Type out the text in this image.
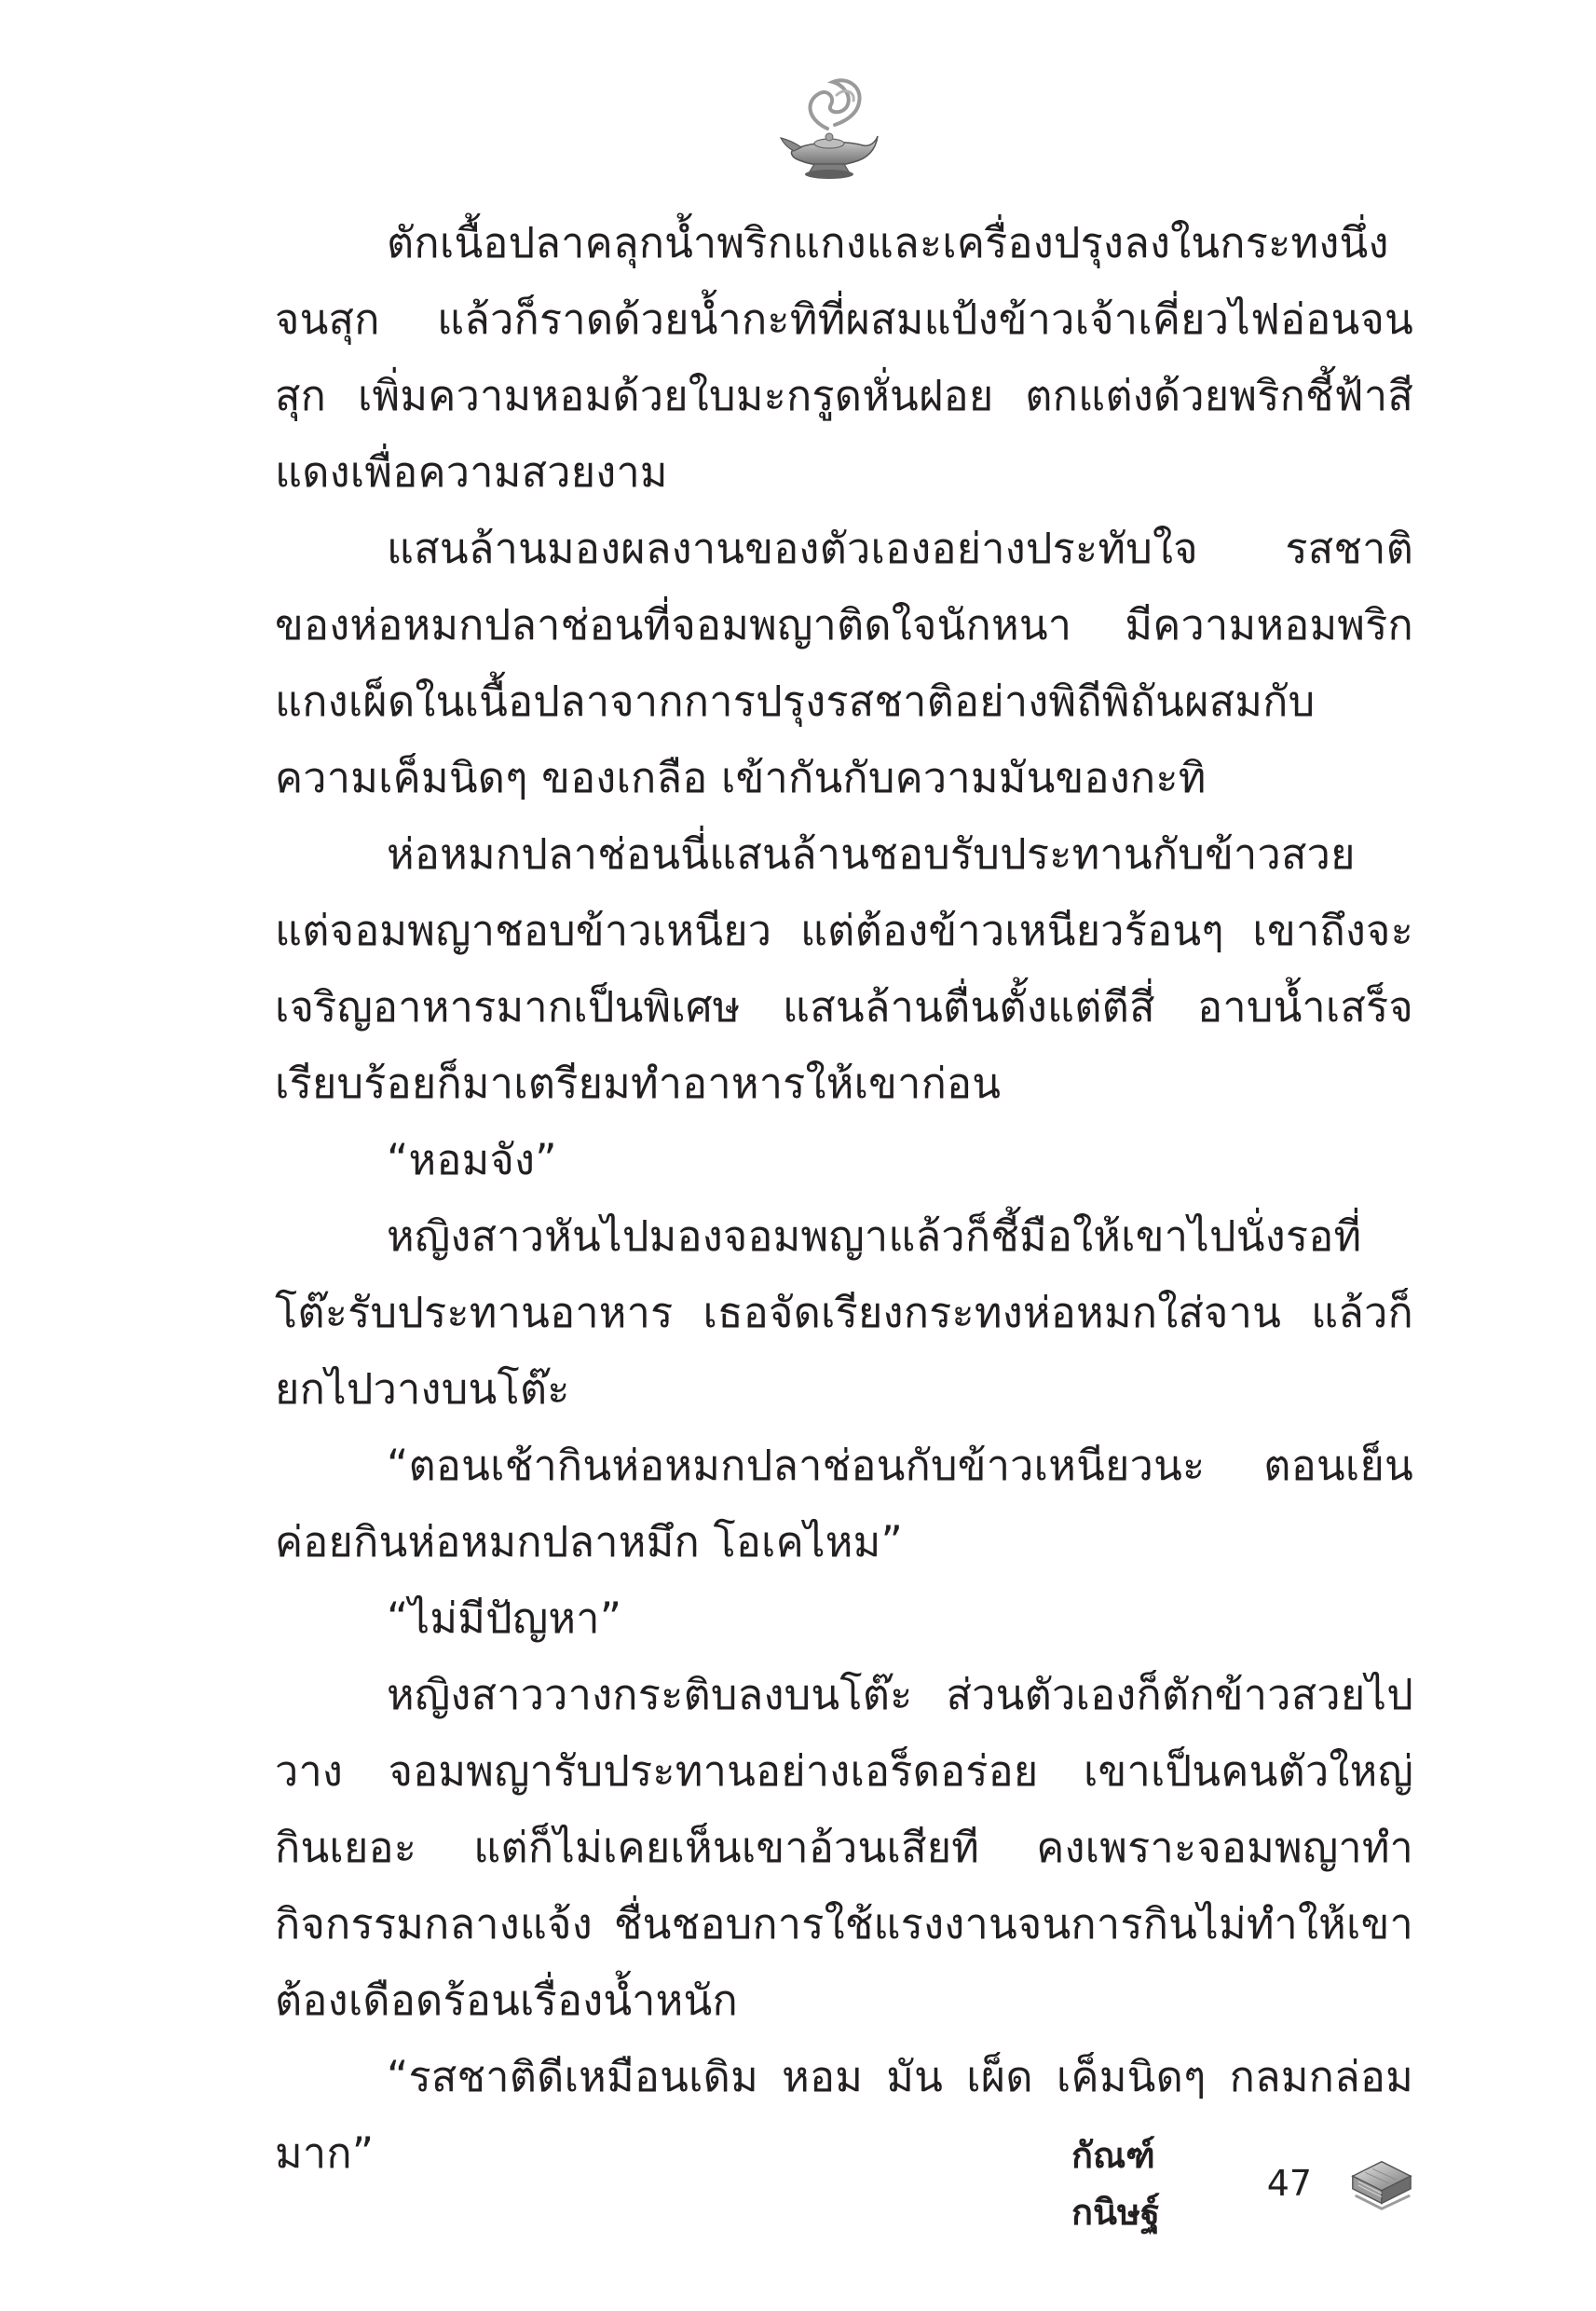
ตักเนื้อปลาคลุกน้ำพริกแกงและเครื่องปรุงลงในกระทงนึ่งจนสุก แล้วก็ราดด้วยน้ำกะทิที่ผสมแป้งข้าวเจ้าเคี่ยวไฟอ่อนจนสุก เพิ่มความหอมด้วยใบมะกรูดหั่นฝอย ตกแต่งด้วยพริกชี้ฟ้าสีแดงเพื่อความสวยงาม

แสนล้านมองผลงานของตัวเองอย่างประทับใจ รสชาติของห่อหมกปลาช่อนที่จอมพญาติดใจนักหนา มีความหอมพริกแกงเผ็ดในเนื้อปลาจากการปรุงรสชาติอย่างพิถีพิถันผสมกับความเค็มนิดๆ ของเกลือ เข้ากันกับความมันของกะทิ

ห่อหมกปลาช่อนนี่แสนล้านชอบรับประทานกับข้าวสวย แต่จอมพญาชอบข้าวเหนียว แต่ต้องข้าวเหนียวร้อนๆ เขาถึงจะเจริญอาหารมากเป็นพิเศษ แสนล้านตื่นตั้งแต่ตีสี่ อาบน้ำเสร็จเรียบร้อยก็มาเตรียมทำอาหารให้เขาก่อน

“หอมจัง”

หญิงสาวหันไปมองจอมพญาแล้วก็ชี้มือให้เขาไปนั่งรอที่โต๊ะรับประทานอาหาร เธอจัดเรียงกระทงห่อหมกใส่จาน แล้วก็ยกไปวางบนโต๊ะ

“ตอนเช้ากินห่อหมกปลาช่อนกับข้าวเหนียวนะ ตอนเย็นค่อยกินห่อหมกปลาหมึก โอเคไหม”

“ไม่มีปัญหา”

หญิงสาววางกระติบลงบนโต๊ะ ส่วนตัวเองก็ตักข้าวสวยไปวาง จอมพญารับประทานอย่างเอร็ดอร่อย เขาเป็นคนตัวใหญ่ กินเยอะ แต่ก็ไม่เคยเห็นเขาอ้วนเสียที คงเพราะจอมพญาทำกิจกรรมกลางแจ้ง ชื่นชอบการใช้แรงงานจนการกินไม่ทำให้เขาต้องเดือดร้อนเรื่องน้ำหนัก

“รสชาติดีเหมือนเดิม หอม มัน เผ็ด เค็มนิดๆ กลมกล่อมมาก”	กัณฑ์กนิษฐ์
47
